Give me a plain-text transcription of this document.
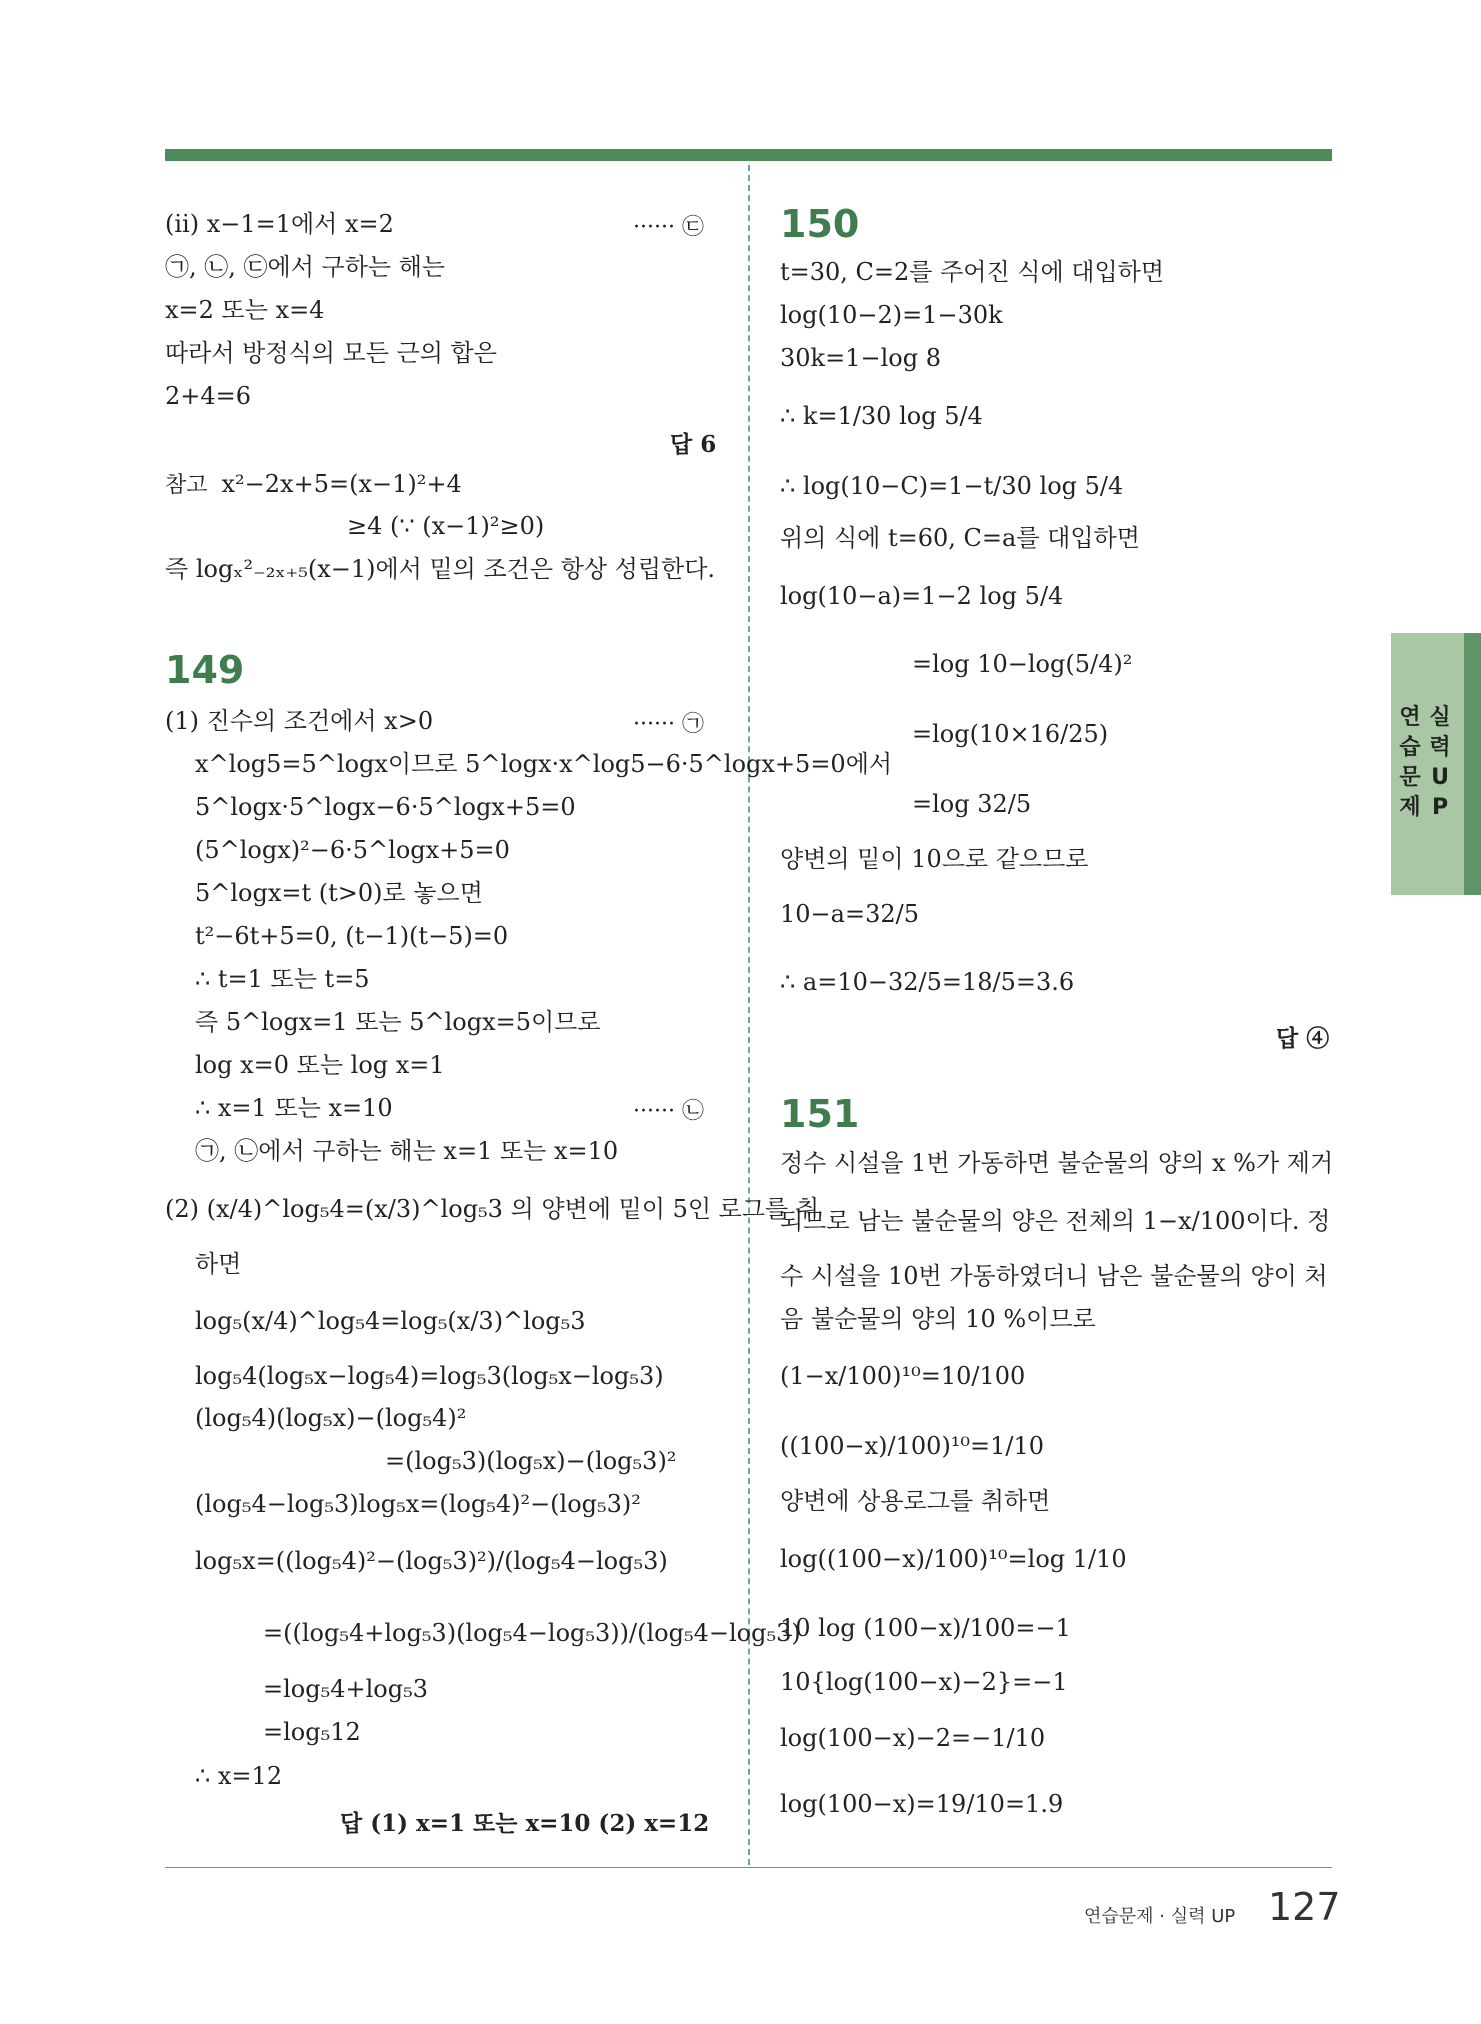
(ii) x−1=1에서 x=2	······ ㉢
㉠, ㉡, ㉢에서 구하는 해는
x=2 또는 x=4
따라서 방정식의 모든 근의 합은
2+4=6
답 6
참고 x²−2x+5=(x−1)²+4
≥4 (∵ (x−1)²≥0)
즉 logₓ²₋₂ₓ₊₅(x−1)에서 밑의 조건은 항상 성립한다.
149
(1) 진수의 조건에서 x>0	······ ㉠
x^log5=5^logx이므로 5^logx·x^log5−6·5^logx+5=0에서
5^logx·5^logx−6·5^logx+5=0
(5^logx)²−6·5^logx+5=0
5^logx=t (t>0)로 놓으면
t²−6t+5=0, (t−1)(t−5)=0
∴ t=1 또는 t=5
즉 5^logx=1 또는 5^logx=5이므로
log x=0 또는 log x=1
∴ x=1 또는 x=10	······ ㉡
㉠, ㉡에서 구하는 해는 x=1 또는 x=10
(2) (x/4)^log₅4=(x/3)^log₅3 의 양변에 밑이 5인 로그를 취
하면
log₅(x/4)^log₅4=log₅(x/3)^log₅3
log₅4(log₅x−log₅4)=log₅3(log₅x−log₅3)
(log₅4)(log₅x)−(log₅4)²
=(log₅3)(log₅x)−(log₅3)²
(log₅4−log₅3)log₅x=(log₅4)²−(log₅3)²
log₅x=((log₅4)²−(log₅3)²)/(log₅4−log₅3)
=((log₅4+log₅3)(log₅4−log₅3))/(log₅4−log₅3)
=log₅4+log₅3
=log₅12
∴ x=12
답 (1) x=1 또는 x=10 (2) x=12
150
t=30, C=2를 주어진 식에 대입하면
log(10−2)=1−30k
30k=1−log 8
∴ k=1/30 log 5/4
∴ log(10−C)=1−t/30 log 5/4
위의 식에 t=60, C=a를 대입하면
log(10−a)=1−2 log 5/4
=log 10−log(5/4)²
=log(10×16/25)
=log 32/5
양변의 밑이 10으로 같으므로
10−a=32/5
∴ a=10−32/5=18/5=3.6
답 ④
151
정수 시설을 1번 가동하면 불순물의 양의 x %가 제거
되므로 남는 불순물의 양은 전체의 1−x/100이다. 정
수 시설을 10번 가동하였더니 남은 불순물의 양이 처
음 불순물의 양의 10 %이므로
(1−x/100)¹⁰=10/100
((100−x)/100)¹⁰=1/10
양변에 상용로그를 취하면
log((100−x)/100)¹⁰=log 1/10
10 log (100−x)/100=−1
10{log(100−x)−2}=−1
log(100−x)−2=−1/10
log(100−x)=19/10=1.9
연
습
문
제
실
력
U
P
연습문제 · 실력 UP 127
